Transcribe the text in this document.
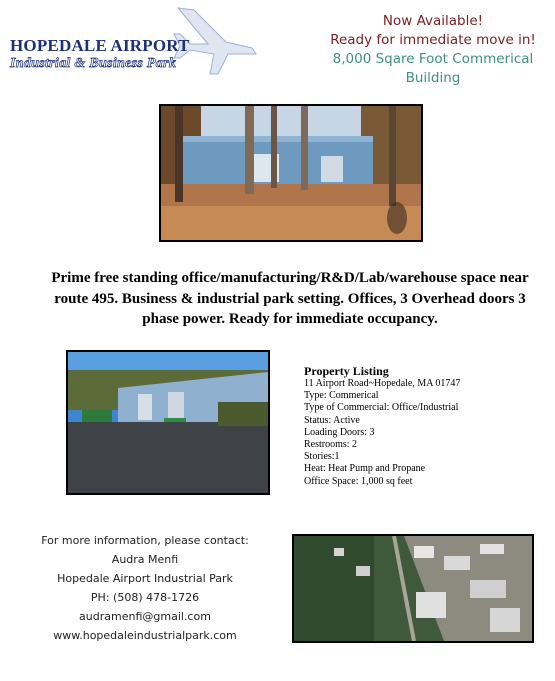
HOPEDALE AIRPORT
Industrial & Business Park
Now Available!
Ready for immediate move in!
8,000 Sqare Foot Commerical
Building
Prime free standing office/manufacturing/R&D/Lab/warehouse space near route 495. Business & industrial park setting. Offices, 3 Overhead doors 3 phase power. Ready for immediate occupancy.
Property Listing
11 Airport Road~Hopedale, MA 01747
Type: Commerical
Type of Commercial: Office/Industrial
Status: Active
Loading Doors: 3
Restrooms: 2
Stories:1
Heat: Heat Pump and Propane
Office Space: 1,000 sq feet
For more information, please contact:
Audra Menfi
Hopedale Airport Industrial Park
PH: (508) 478-1726
audramenfi@gmail.com
www.hopedaleindustrialpark.com
